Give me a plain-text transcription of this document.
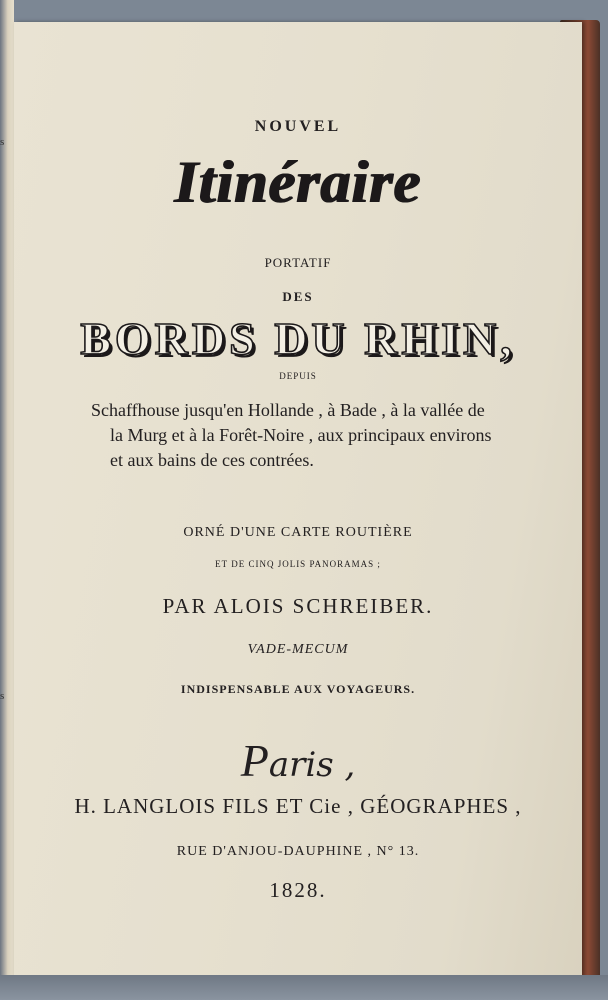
s
s
NOUVEL
Itinéraire
PORTATIF
DES
BORDS DU RHIN,
DEPUIS
Schaffhouse jusqu'en Hollande , à Bade , à la vallée de
la Murg et à la Forêt-Noire , aux principaux environs
et aux bains de ces contrées.
ORNÉ D'UNE CARTE ROUTIÈRE
ET DE CINQ JOLIS PANORAMAS ;
PAR ALOIS SCHREIBER.
VADE-MECUM
INDISPENSABLE AUX VOYAGEURS.
Paris ,
H. LANGLOIS FILS ET Cie , GÉOGRAPHES ,
RUE D'ANJOU-DAUPHINE , N° 13.
1828.
